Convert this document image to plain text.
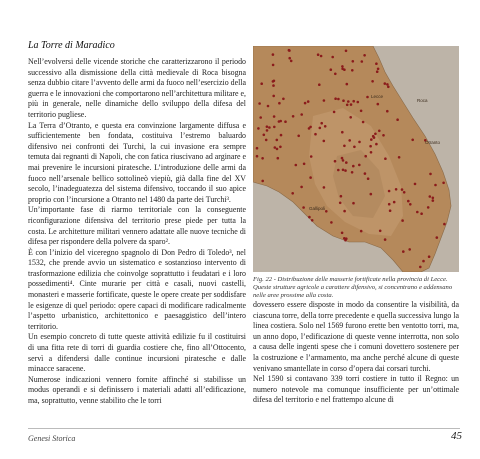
La Torre di Maradico
Nell’evolversi delle vicende storiche che caratterizzarono il periodo successivo alla dismissione della città medievale di Roca bisogna senza dubbio citare l’avvento delle armi da fuoco nell’esercizio della guerra e le innovazioni che comportarono nell’architettura militare e, più in generale, nelle dinamiche dello sviluppo della difesa del territorio pugliese.
La Terra d’Otranto, e questa era convinzione largamente diffusa e sufficientemente ben fondata, costituiva l’estremo baluardo difensivo nei confronti dei Turchi, la cui invasione era sempre temuta dai regnanti di Napoli, che con fatica riuscivano ad arginare e mai prevenire le incursioni piratesche. L’introduzione delle armi da fuoco nell’arsenale bellico sottolineò viepiù, già dalla fine del XV secolo, l’inadeguatezza del sistema difensivo, toccando il suo apice proprio con l’incursione a Otranto nel 1480 da parte dei Turchi³.
Un’importante fase di riarmo territoriale con la conseguente riconfigurazione difensiva del territorio prese piede per tutta la costa. Le architetture militari vennero adattate alle nuove tecniche di difesa per rispondere della polvere da sparo².
È con l’inizio del viceregno spagnolo di Don Pedro di Toledo³, nel 1532, che prende avvio un sistematico e sostanzioso intervento di trasformazione edilizia che coinvolge soprattutto i feudatari e i loro possedimenti⁴. Cinte murarie per città e casali, nuovi castelli, monasteri e masserie fortificate, queste le opere create per soddisfare le esigenze di quel periodo: opere capaci di modificare radicalmente l’aspetto urbanistico, architettonico e paesaggistico dell’intero territorio.
Un esempio concreto di tutte queste attività edilizie fu il costituirsi di una fitta rete di torri di guardia costiere che, fino all’Ottocento, servì a difendersi dalle continue incursioni piratesche e dalle minacce saracene.
Numerose indicazioni vennero fornite affinché si stabilisse un modus operandi e si definissero i materiali adatti all’edificazione, ma, soprattutto, venne stabilito che le torri
Lecce
Roca
Otranto
Gallipoli
Fig. 22 - Distribuzione delle masserie fortificate nella provincia di Lecce. Queste strutture agricole a carattere difensivo, si concentrano e addensano nelle aree prossime alla costa.
dovessero essere disposte in modo da consentire la visibilità, da ciascuna torre, della torre precedente e quella successiva lungo la linea costiera. Solo nel 1569 furono erette ben ventotto torri, ma, un anno dopo, l’edificazione di queste venne interrotta, non solo a causa delle ingenti spese che i comuni dovettero sostenere per la costruzione e l’armamento, ma anche perché alcune di queste venivano smantellate in corso d’opera dai corsari turchi.
Nel 1590 si contavano 339 torri costiere in tutto il Regno: un numero notevole ma comunque insufficiente per un’ottimale difesa del territorio e nel frattempo alcune di
Genesi Storica	45
